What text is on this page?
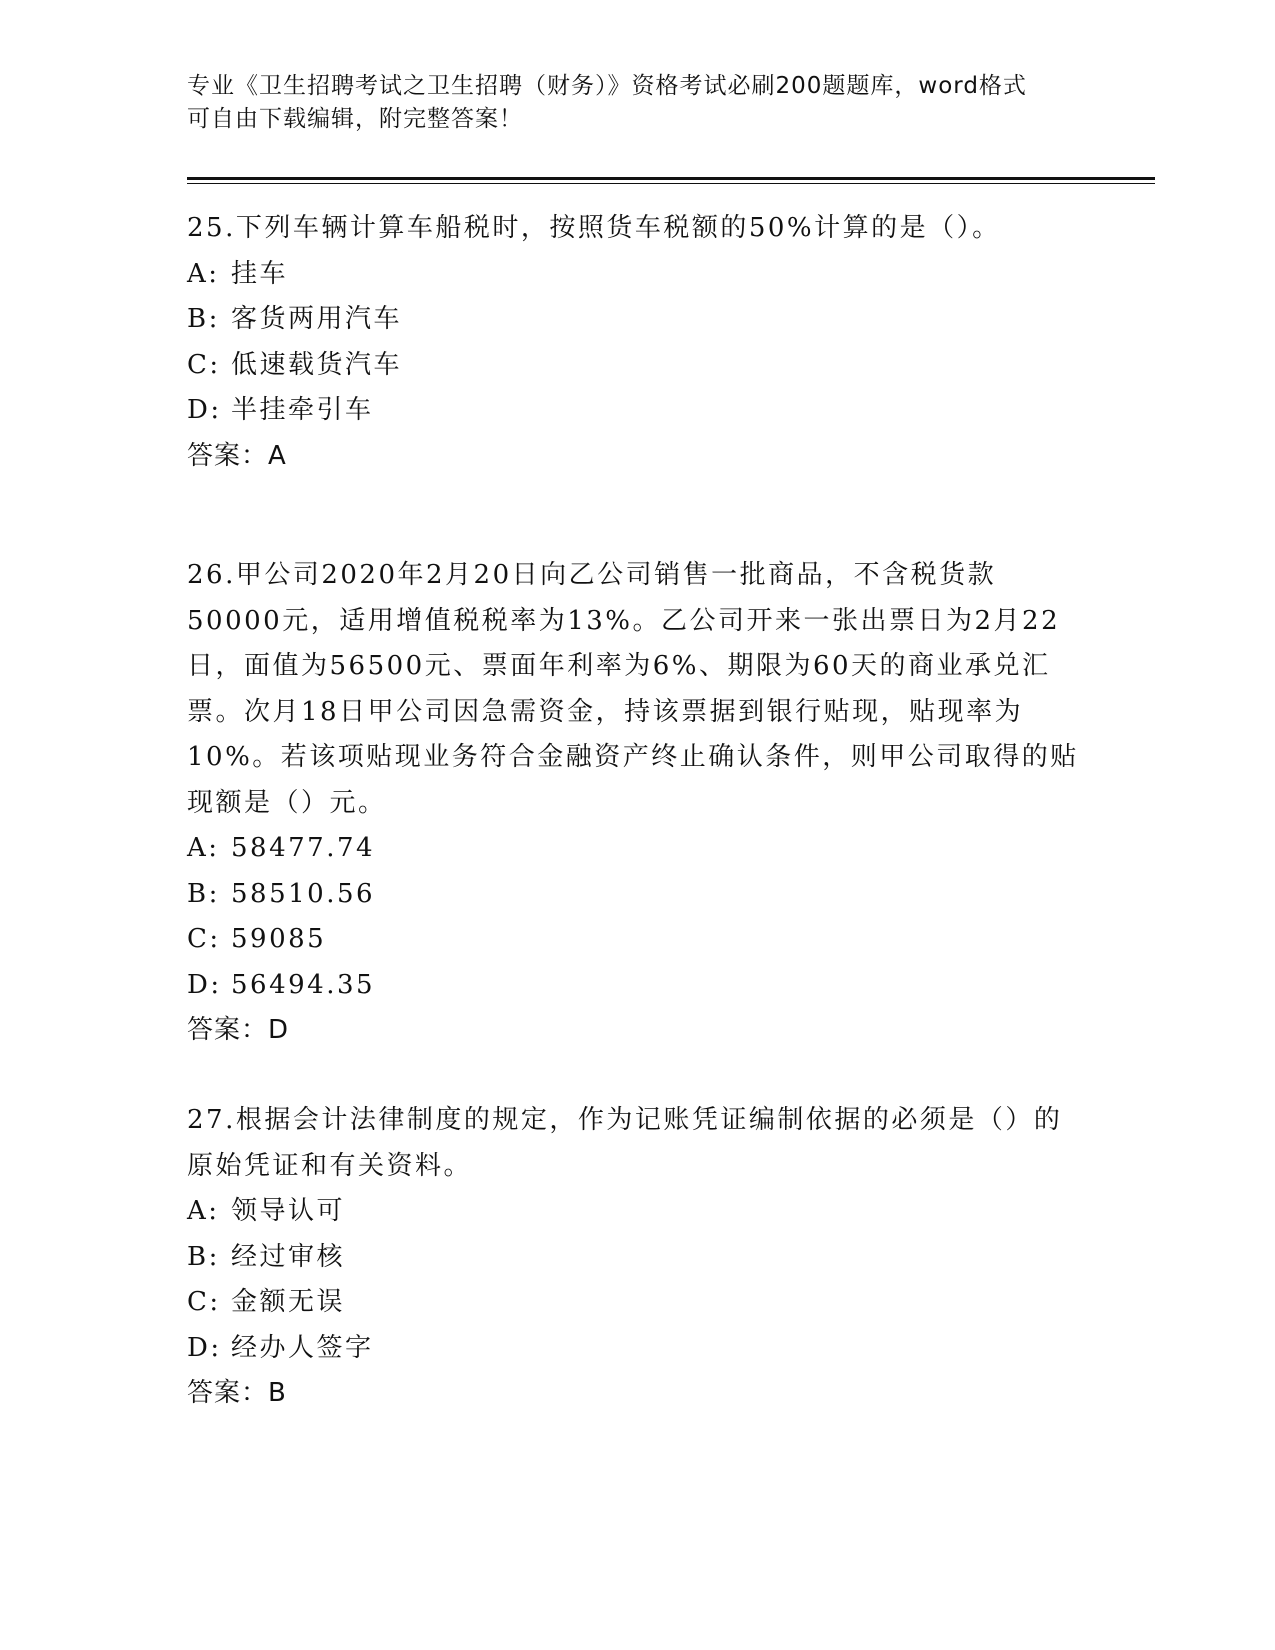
专业《卫生招聘考试之卫生招聘（财务）》资格考试必刷200题题库，word格式
可自由下载编辑，附完整答案！

25.下列车辆计算车船税时，按照货车税额的50%计算的是（）。

A: 挂车

B: 客货两用汽车

C: 低速载货汽车

D: 半挂牵引车

答案：A

26.甲公司2020年2月20日向乙公司销售一批商品，不含税货款50000元，适用增值税税率为13%。乙公司开来一张出票日为2月22日，面值为56500元、票面年利率为6%、期限为60天的商业承兑汇票。次月18日甲公司因急需资金，持该票据到银行贴现，贴现率为10%。若该项贴现业务符合金融资产终止确认条件，则甲公司取得的贴现额是（）元。

A: 58477.74

B: 58510.56

C: 59085

D: 56494.35

答案：D

27.根据会计法律制度的规定，作为记账凭证编制依据的必须是（）的原始凭证和有关资料。

A: 领导认可

B: 经过审核

C: 金额无误

D: 经办人签字

答案：B
